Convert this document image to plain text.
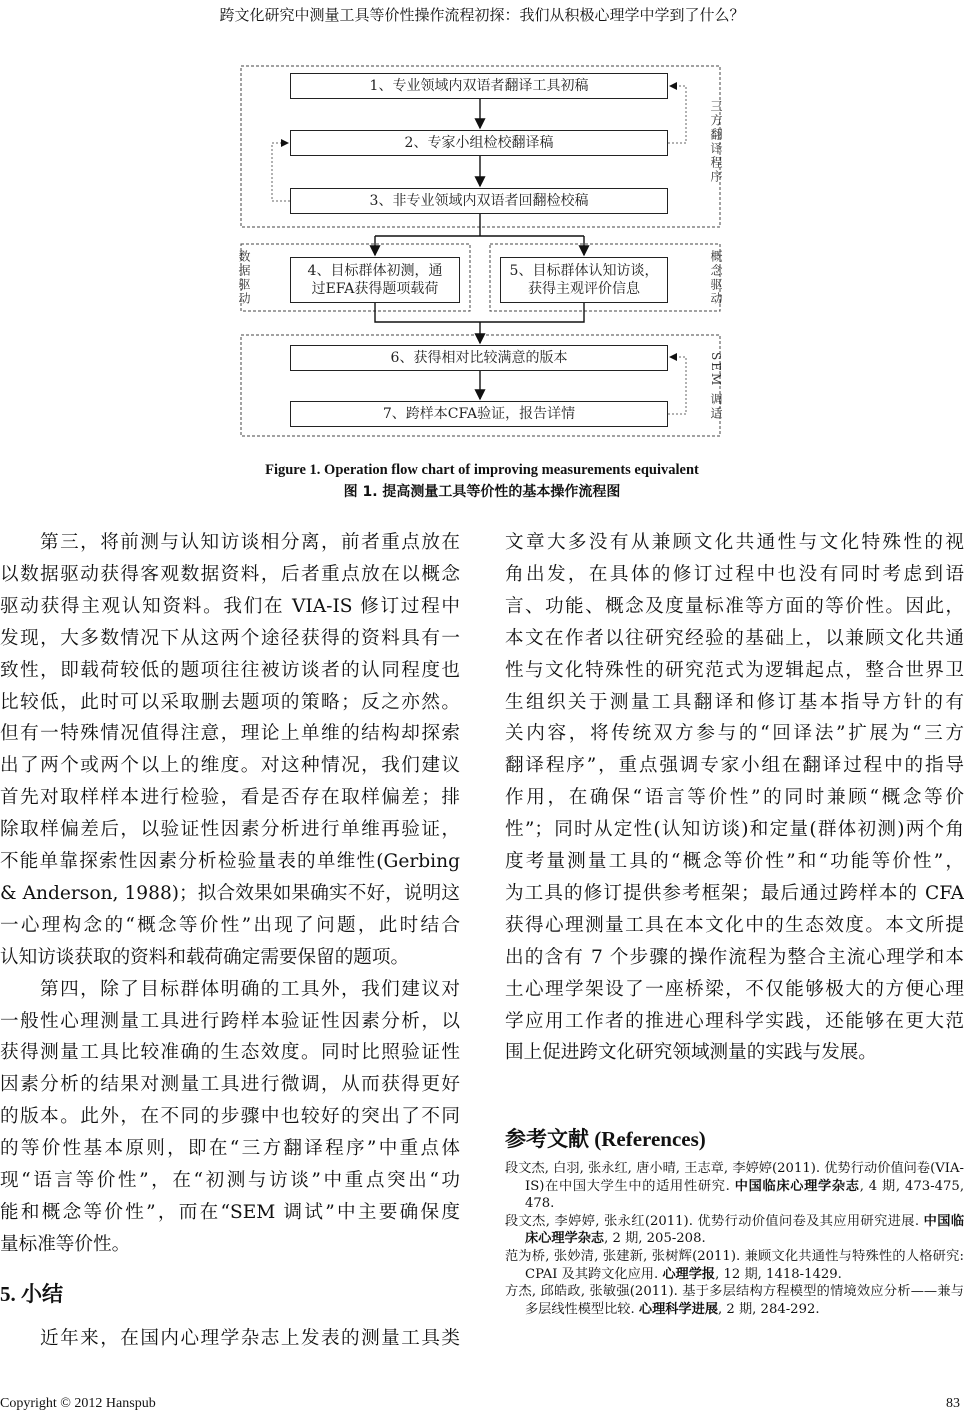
跨文化研究中测量工具等价性操作流程初探：我们从积极心理学中学到了什么？
1、专业领域内双语者翻译工具初稿
2、专家小组检校翻译稿
3、非专业领域内双语者回翻检校稿
4、目标群体初测，通
过EFA获得题项载荷
5、目标群体认知访谈，
获得主观评价信息
6、获得相对比较满意的版本
7、跨样本CFA验证，报告详情
三方翻译程序
数据驱动	概念驱动
SEM 调适
Figure 1. Operation flow chart of improving measurements equivalent
图 1. 提高测量工具等价性的基本操作流程图
第三，将前测与认知访谈相分离，前者重点放在
以数据驱动获得客观数据资料，后者重点放在以概念
驱动获得主观认知资料。我们在 VIA-IS 修订过程中
发现，大多数情况下从这两个途径获得的资料具有一
致性，即载荷较低的题项往往被访谈者的认同程度也
比较低，此时可以采取删去题项的策略；反之亦然。
但有一特殊情况值得注意，理论上单维的结构却探索
出了两个或两个以上的维度。对这种情况，我们建议
首先对取样样本进行检验，看是否存在取样偏差；排
除取样偏差后，以验证性因素分析进行单维再验证，
不能单靠探索性因素分析检验量表的单维性(Gerbing
& Anderson, 1988)；拟合效果如果确实不好，说明这
一心理构念的“概念等价性”出现了问题，此时结合
认知访谈获取的资料和载荷确定需要保留的题项。
第四，除了目标群体明确的工具外，我们建议对
一般性心理测量工具进行跨样本验证性因素分析，以
获得测量工具比较准确的生态效度。同时比照验证性
因素分析的结果对测量工具进行微调，从而获得更好
的版本。此外，在不同的步骤中也较好的突出了不同
的等价性基本原则，即在“三方翻译程序”中重点体
现“语言等价性”，在“初测与访谈”中重点突出“功
能和概念等价性”，而在“SEM 调试”中主要确保度
量标准等价性。
近年来，在国内心理学杂志上发表的测量工具类
文章大多没有从兼顾文化共通性与文化特殊性的视
角出发，在具体的修订过程中也没有同时考虑到语
言、功能、概念及度量标准等方面的等价性。因此，
本文在作者以往研究经验的基础上，以兼顾文化共通
性与文化特殊性的研究范式为逻辑起点，整合世界卫
生组织关于测量工具翻译和修订基本指导方针的有
关内容，将传统双方参与的“回译法”扩展为“三方
翻译程序”，重点强调专家小组在翻译过程中的指导
作用，在确保“语言等价性”的同时兼顾“概念等价
性”；同时从定性(认知访谈)和定量(群体初测)两个角
度考量测量工具的“概念等价性”和“功能等价性”，
为工具的修订提供参考框架；最后通过跨样本的 CFA
获得心理测量工具在本文化中的生态效度。本文所提
出的含有 7 个步骤的操作流程为整合主流心理学和本
土心理学架设了一座桥梁，不仅能够极大的方便心理
学应用工作者的推进心理科学实践，还能够在更大范
围上促进跨文化研究领域测量的实践与发展。
5. 小结
参考文献 (References)
段文杰, 白羽, 张永红, 唐小晴, 王志章, 李婷婷(2011). 优势行动价值问卷(VIA-IS)在中国大学生中的适用性研究. 中国临床心理学杂志, 4 期, 473-475, 478.
段文杰, 李婷婷, 张永红(2011). 优势行动价值问卷及其应用研究进展. 中国临床心理学杂志, 2 期, 205-208.
范为桥, 张妙清, 张建新, 张树辉(2011). 兼顾文化共通性与特殊性的人格研究: CPAI 及其跨文化应用. 心理学报, 12 期, 1418-1429.
方杰, 邱皓政, 张敏强(2011). 基于多层结构方程模型的情境效应分析——兼与多层线性模型比较. 心理科学进展, 2 期, 284-292.
Copyright © 2012 Hanspub	83
